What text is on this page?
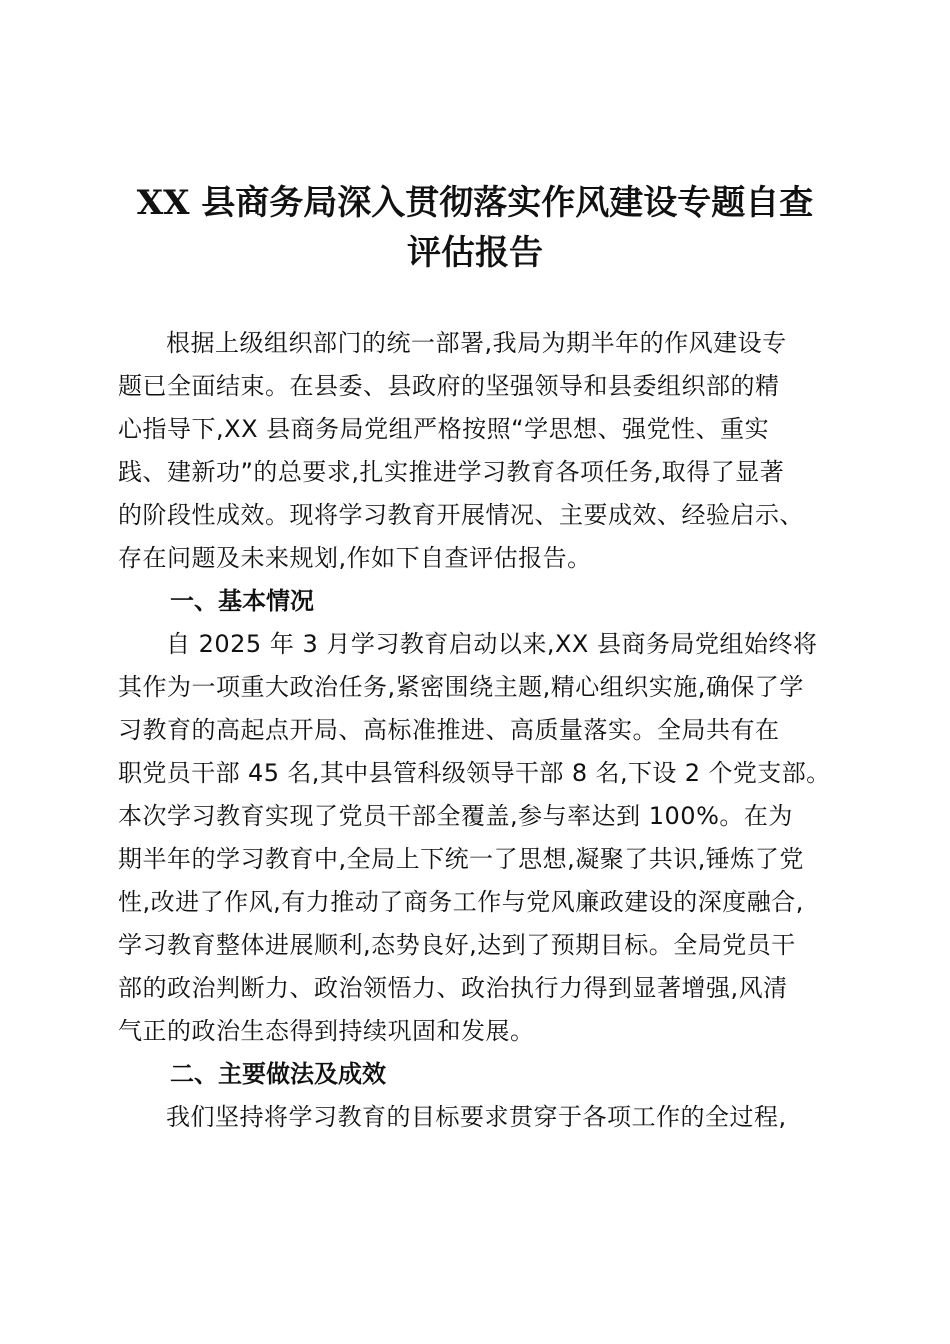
XX 县商务局深入贯彻落实作风建设专题自查
评估报告

根据上级组织部门的统一部署,我局为期半年的作风建设专
题已全面结束。在县委、县政府的坚强领导和县委组织部的精
心指导下,XX 县商务局党组严格按照“学思想、强党性、重实
践、建新功”的总要求,扎实推进学习教育各项任务,取得了显著
的阶段性成效。现将学习教育开展情况、主要成效、经验启示、
存在问题及未来规划,作如下自查评估报告。

一、基本情况

自 2025 年 3 月学习教育启动以来,XX 县商务局党组始终将
其作为一项重大政治任务,紧密围绕主题,精心组织实施,确保了学
习教育的高起点开局、高标准推进、高质量落实。全局共有在
职党员干部 45 名,其中县管科级领导干部 8 名,下设 2 个党支部。
本次学习教育实现了党员干部全覆盖,参与率达到 100%。在为
期半年的学习教育中,全局上下统一了思想,凝聚了共识,锤炼了党
性,改进了作风,有力推动了商务工作与党风廉政建设的深度融合,
学习教育整体进展顺利,态势良好,达到了预期目标。全局党员干
部的政治判断力、政治领悟力、政治执行力得到显著增强,风清
气正的政治生态得到持续巩固和发展。

二、主要做法及成效

我们坚持将学习教育的目标要求贯穿于各项工作的全过程,
